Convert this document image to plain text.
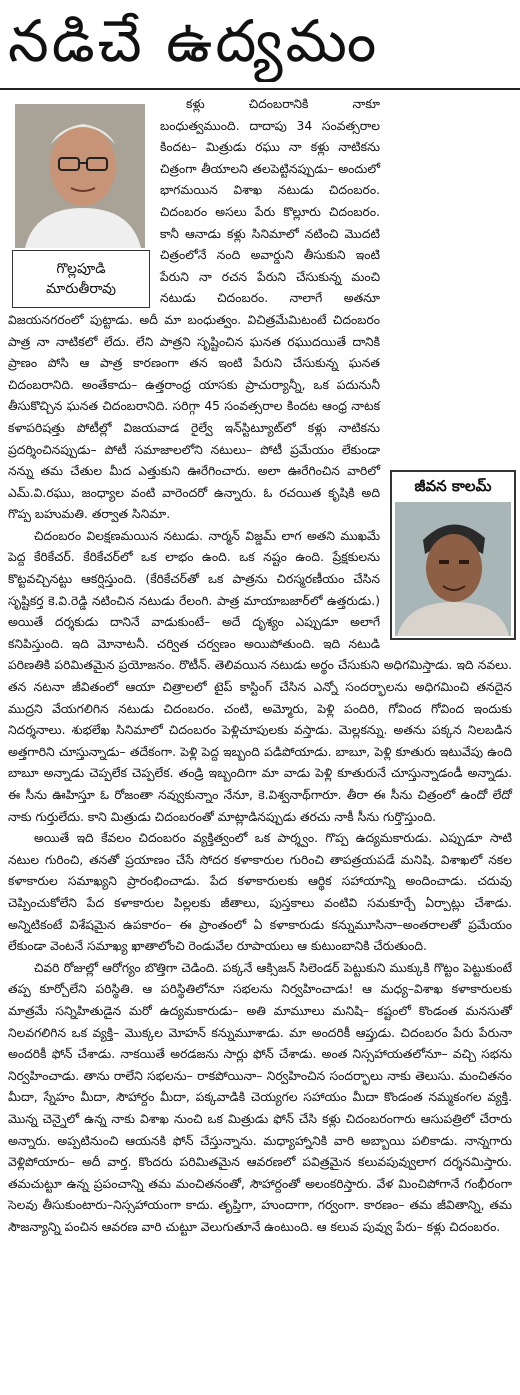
నడిచే ఉద్యమం

కళ్లు చిదంబరానికి నాకూ బంధుత్వముంది. దాదాపు 34 సంవత్సరాల కిందట– మిత్రుడు రఘు నా కళ్లు నాటికను చిత్రంగా తీయాలని తలపెట్టినప్పుడు– అందులో భాగమయిన విశాఖ నటుడు చిదంబరం. చిదంబరం అసలు పేరు కొల్లూరు చిదంబరం. కానీ ఆనాడు కళ్లు సినిమాలో నటించి మొదటి చిత్రంలోనే నంది అవార్డుని తీసుకుని ఇంటి పేరుని నా రచన పేరుని చేసుకున్న మంచి నటుడు చిదంబరం. నాలాగే అతనూ విజయనగరంలో పుట్టాడు. అదీ మా బంధుత్వం. విచిత్రమేమిటంటే చిదంబరం పాత్ర నా నాటికలో లేదు. లేని పాత్రని సృష్టించిన ఘనత రఘుదయితే దానికి ప్రాణం పోసి ఆ పాత్ర కారణంగా తన ఇంటి పేరుని చేసుకున్న ఘనత చిదంబరానిది. అంతేకాదు– ఉత్తరాంధ్ర యాసకు ప్రాచుర్యాన్నీ, ఒక పదునునీ తీసుకొచ్చిన ఘనత చిదంబరానిది. సరిగ్గా 45 సంవత్సరాల కిందట ఆంధ్ర నాటక కళాపరిషత్తు పోటీల్లో విజయవాడ రైల్వే ఇన్‌స్టిట్యూట్‌లో కళ్లు నాటికను ప్రదర్శించినప్పుడు– పోటీ సమాజాలలోని నటులు– పోటీ ప్రమేయం లేకుండా నన్ను తమ చేతుల మీద ఎత్తుకుని ఊరేగించారు. అలా ఊరేగించిన వారిలో ఎమ్.వి.రఘు, జంధ్యాల వంటి వారెందరో ఉన్నారు. ఓ రచయిత కృషికి అది గొప్ప బహుమతి. తర్వాత సినిమా.

చిదంబరం విలక్షణమయిన నటుడు. నార్మన్ విజ్డమ్ లాగ అతని ముఖమే పెద్ద కేరికేచర్. కేరికేచర్‌లో ఒక లాభం ఉంది. ఒక నష్టం ఉంది. ప్రేక్షకులను కొట్టవచ్చినట్టు ఆకర్షిస్తుంది. (కేరికేచర్‌తో ఒక పాత్రను చిరస్మరణీయం చేసిన సృష్టికర్త కె.వి.రెడ్డి నటించిన నటుడు రేలంగి. పాత్ర మాయాబజార్‌లో ఉత్తరుడు.) అయితే దర్శకుడు దానినే వాడుకుంటే– అదే దృశ్యం ఎప్పుడూ అలాగే కనిపిస్తుంది. ఇది మోనాటనీ. చర్విత చర్వణం అయిపోతుంది. ఇది నటుడి పరిణతికి పరిమితమైన ప్రయోజనం. రొటీన్. తెలివయిన నటుడు అర్థం చేసుకుని అధిగమిస్తాడు. ఇది నవలు. తన నటనా జీవితంలో ఆయా చిత్రాలలో టైప్ కాస్టింగ్ చేసిన ఎన్నో సందర్భాలను అధిగమించి తనదైన ముద్రని వేయగలిగిన నటుడు చిదంబరం. చంటి, అమ్మోరు, పెళ్లి పందిరి, గోవింద గోవింద ఇందుకు నిదర్శనాలు. శుభలేఖ సినిమాలో చిదంబరం పెళ్లిచూపులకు వస్తాడు. మెల్లకన్ను. అతను పక్కన నిలబడిన అత్తగారిని చూస్తున్నాడు– తదేకంగా. పెళ్లి పెద్ద ఇబ్బంది పడిపోయాడు. బాబూ, పెళ్లి కూతురు ఇటువేపు ఉంది బాబూ అన్నాడు చెప్పలేక చెప్పలేక. తండ్రి ఇబ్బందిగా మా వాడు పెళ్లి కూతురునే చూస్తున్నాడండీ అన్నాడు. ఈ సీను ఊహిస్తూ ఓ రోజంతా నవ్వుకున్నాం నేనూ, కె.విశ్వనాథ్‌గారూ. తీరా ఈ సీను చిత్రంలో ఉందో లేదో నాకు గుర్తులేదు. కాని మిత్రుడు చిదంబరంతో మాట్లాడినప్పుడు తరచు నాకీ సీను గుర్తొస్తుంది.

అయితే ఇది కేవలం చిదంబరం వ్యక్తిత్వంలో ఒక పార్శ్వం. గొప్ప ఉద్యమకారుడు. ఎప్పుడూ సాటి నటుల గురించి, తనతో ప్రయాణం చేసే సోదర కళాకారుల గురించి తాపత్రయపడే మనిషి. విశాఖలో నకల కళాకారుల సమాఖ్యని ప్రారంభించాడు. పేద కళాకారులకు ఆర్థిక సహాయాన్ని అందించాడు. చదువు చెప్పించుకోలేని పేద కళాకారుల పిల్లలకు జీతాలు, పుస్తకాలు వంటివి సమకూర్చే ఏర్పాట్లు చేశాడు. అన్నిటికంటే విశేషమైన ఉపకారం– ఈ ప్రాంతంలో ఏ కళాకారుడు కన్నుమూసినా–అంతరాలతో ప్రమేయం లేకుండా వెంటనే సమాఖ్య ఖాతాలోంచి రెండువేల రూపాయలు ఆ కుటుంబానికి చేరుతుంది.

చివరి రోజుల్లో ఆరోగ్యం బొత్తిగా చెడింది. పక్కనే ఆక్సిజన్ సిలెండర్ పెట్టుకుని ముక్కుకి గొట్టం పెట్టుకుంటే తప్ప కూర్చోలేని పరిస్థితి. ఆ పరిస్థితిలోనూ సభలను నిర్వహించాడు! ఆ మధ్య–విశాఖ కళాకారులకు మాత్రమే సన్నిహితుడైన మరో ఉద్యమకారుడు– అతి మామూలు మనిషి– కష్టంలో కొండంత మనసుతో నిలవగలిగిన ఒక వ్యక్తి– మొక్కల మోహన్ కన్నుమూశాడు. మా అందరికీ ఆప్తుడు. చిదంబరం పేరు పేరునా అందరికీ ఫోన్ చేశాడు. నాకయితే అరడజను సార్లు ఫోన్ చేశాడు. అంత నిస్సహాయతలోనూ– వచ్చి సభను నిర్వహించాడు. తాను రాలేని సభలను– రాకపోయినా– నిర్వహించిన సందర్భాలు నాకు తెలుసు. మంచితనం మీదా, స్నేహం మీదా, సౌహార్దం మీదా, పక్కవాడికి చెయ్యగల సహాయం మీదా కొండంత నమ్మకంగల వ్యక్తి. మొన్న చెన్నైలో ఉన్న నాకు విశాఖ నుంచి ఒక మిత్రుడు ఫోన్ చేసి కళ్లు చిదంబరంగారు ఆసుపత్రిలో చేరారు అన్నారు. అప్పటినుంచి ఆయనకి ఫోన్ చేస్తున్నాను. మధ్యాహ్నానికి వారి అబ్బాయి పలికాడు. నాన్నగారు వెళ్లిపోయారు– అదీ వార్త. కొందరు పరిమితమైన ఆవరణలో పవిత్రమైన కలువపువ్వులాగ దర్శనమిస్తారు. తమచుట్టూ ఉన్న ప్రపంచాన్ని తమ మంచితనంతో, సౌహార్దంతో అలంకరిస్తారు. వేళ మించిపోగానే గంభీరంగా సెలవు తీసుకుంటారు–నిస్సహాయంగా కాదు. తృప్తిగా, హుందాగా, గర్వంగా. కారణం– తమ జీవితాన్ని, తమ సౌజన్యాన్ని పంచిన ఆవరణ వారి చుట్టూ వెలుగుతూనే ఉంటుంది. ఆ కలువ పువ్వు పేరు– కళ్లు చిదంబరం.

గొల్లపూడి
మారుతీరావు
జీవన కాలమ్
